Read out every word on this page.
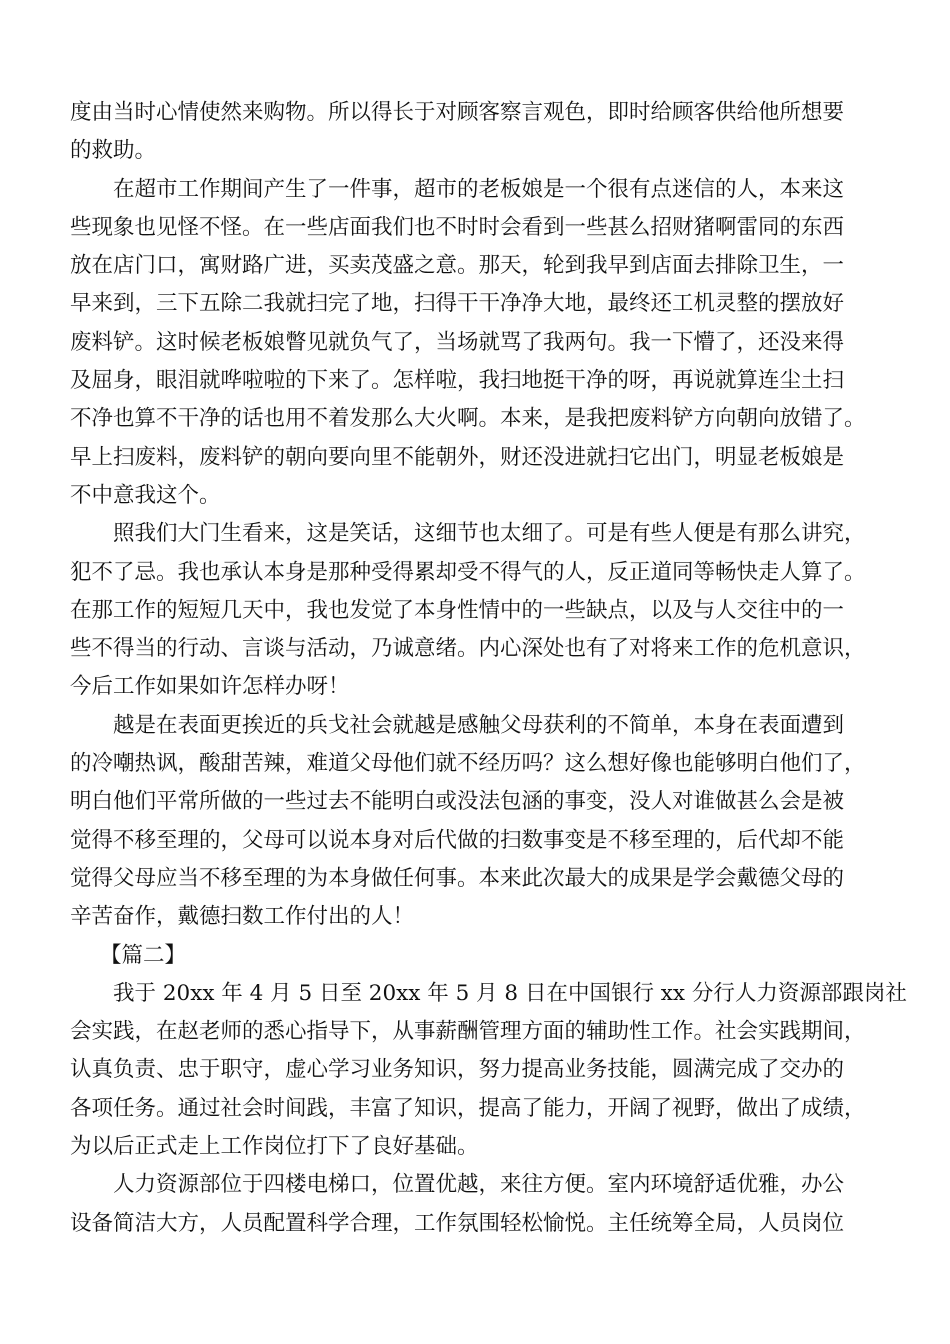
度由当时心情使然来购物。所以得长于对顾客察言观色，即时给顾客供给他所想要
的救助。
在超市工作期间产生了一件事，超市的老板娘是一个很有点迷信的人，本来这
些现象也见怪不怪。在一些店面我们也不时时会看到一些甚么招财猪啊雷同的东西
放在店门口，寓财路广进，买卖茂盛之意。那天，轮到我早到店面去排除卫生，一
早来到，三下五除二我就扫完了地，扫得干干净净大地，最终还工机灵整的摆放好
废料铲。这时候老板娘瞥见就负气了，当场就骂了我两句。我一下懵了，还没来得
及屈身，眼泪就哗啦啦的下来了。怎样啦，我扫地挺干净的呀，再说就算连尘土扫
不净也算不干净的话也用不着发那么大火啊。本来，是我把废料铲方向朝向放错了。
早上扫废料，废料铲的朝向要向里不能朝外，财还没进就扫它出门，明显老板娘是
不中意我这个。
照我们大门生看来，这是笑话，这细节也太细了。可是有些人便是有那么讲究，
犯不了忌。我也承认本身是那种受得累却受不得气的人，反正道同等畅快走人算了。
在那工作的短短几天中，我也发觉了本身性情中的一些缺点，以及与人交往中的一
些不得当的行动、言谈与活动，乃诚意绪。内心深处也有了对将来工作的危机意识，
今后工作如果如许怎样办呀！
越是在表面更挨近的兵戈社会就越是感触父母获利的不简单，本身在表面遭到
的冷嘲热讽，酸甜苦辣，难道父母他们就不经历吗？这么想好像也能够明白他们了，
明白他们平常所做的一些过去不能明白或没法包涵的事变，没人对谁做甚么会是被
觉得不移至理的，父母可以说本身对后代做的扫数事变是不移至理的，后代却不能
觉得父母应当不移至理的为本身做任何事。本来此次最大的成果是学会戴德父母的
辛苦奋作，戴德扫数工作付出的人！
【篇二】
我于 20xx 年 4 月 5 日至 20xx 年 5 月 8 日在中国银行 xx 分行人力资源部跟岗社
会实践，在赵老师的悉心指导下，从事薪酬管理方面的辅助性工作。社会实践期间，
认真负责、忠于职守，虚心学习业务知识，努力提高业务技能，圆满完成了交办的
各项任务。通过社会时间践，丰富了知识，提高了能力，开阔了视野，做出了成绩，
为以后正式走上工作岗位打下了良好基础。
人力资源部位于四楼电梯口，位置优越，来往方便。室内环境舒适优雅，办公
设备简洁大方，人员配置科学合理，工作氛围轻松愉悦。主任统筹全局，人员岗位
